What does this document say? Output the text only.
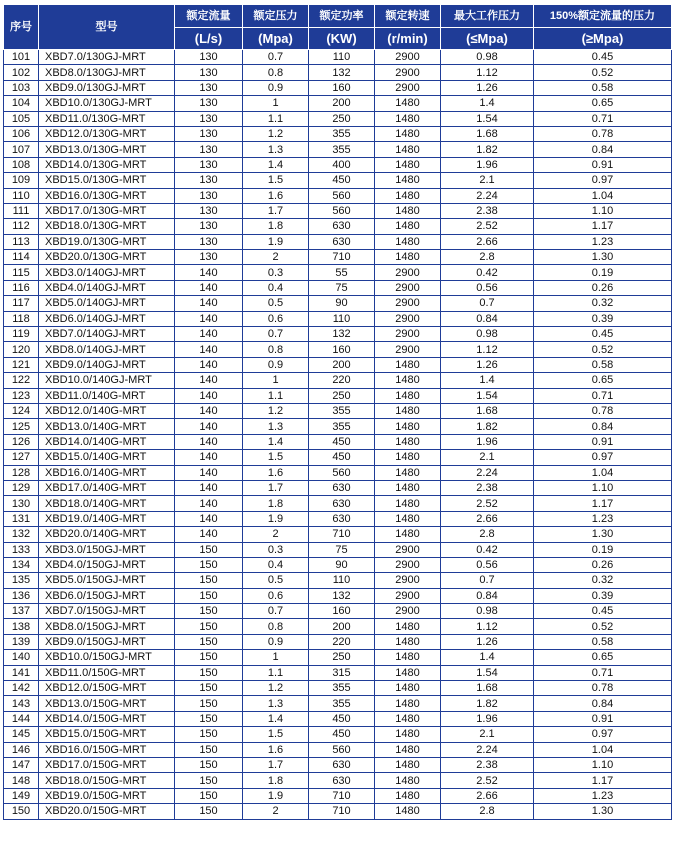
序号	型号	额定流量	额定压力	额定功率	额定转速	最大工作压力	150%额定流量的压力
		(L/s)	(Mpa)	(KW)	(r/min)	(≤Mpa)	(≥Mpa)
101	XBD7.0/130GJ-MRT	130	0.7	110	2900	0.98	0.45
102	XBD8.0/130GJ-MRT	130	0.8	132	2900	1.12	0.52
103	XBD9.0/130GJ-MRT	130	0.9	160	2900	1.26	0.58
104	XBD10.0/130GJ-MRT	130	1	200	1480	1.4	0.65
105	XBD11.0/130G-MRT	130	1.1	250	1480	1.54	0.71
106	XBD12.0/130G-MRT	130	1.2	355	1480	1.68	0.78
107	XBD13.0/130G-MRT	130	1.3	355	1480	1.82	0.84
108	XBD14.0/130G-MRT	130	1.4	400	1480	1.96	0.91
109	XBD15.0/130G-MRT	130	1.5	450	1480	2.1	0.97
110	XBD16.0/130G-MRT	130	1.6	560	1480	2.24	1.04
111	XBD17.0/130G-MRT	130	1.7	560	1480	2.38	1.10
112	XBD18.0/130G-MRT	130	1.8	630	1480	2.52	1.17
113	XBD19.0/130G-MRT	130	1.9	630	1480	2.66	1.23
114	XBD20.0/130G-MRT	130	2	710	1480	2.8	1.30
115	XBD3.0/140GJ-MRT	140	0.3	55	2900	0.42	0.19
116	XBD4.0/140GJ-MRT	140	0.4	75	2900	0.56	0.26
117	XBD5.0/140GJ-MRT	140	0.5	90	2900	0.7	0.32
118	XBD6.0/140GJ-MRT	140	0.6	110	2900	0.84	0.39
119	XBD7.0/140GJ-MRT	140	0.7	132	2900	0.98	0.45
120	XBD8.0/140GJ-MRT	140	0.8	160	2900	1.12	0.52
121	XBD9.0/140GJ-MRT	140	0.9	200	1480	1.26	0.58
122	XBD10.0/140GJ-MRT	140	1	220	1480	1.4	0.65
123	XBD11.0/140G-MRT	140	1.1	250	1480	1.54	0.71
124	XBD12.0/140G-MRT	140	1.2	355	1480	1.68	0.78
125	XBD13.0/140G-MRT	140	1.3	355	1480	1.82	0.84
126	XBD14.0/140G-MRT	140	1.4	450	1480	1.96	0.91
127	XBD15.0/140G-MRT	140	1.5	450	1480	2.1	0.97
128	XBD16.0/140G-MRT	140	1.6	560	1480	2.24	1.04
129	XBD17.0/140G-MRT	140	1.7	630	1480	2.38	1.10
130	XBD18.0/140G-MRT	140	1.8	630	1480	2.52	1.17
131	XBD19.0/140G-MRT	140	1.9	630	1480	2.66	1.23
132	XBD20.0/140G-MRT	140	2	710	1480	2.8	1.30
133	XBD3.0/150GJ-MRT	150	0.3	75	2900	0.42	0.19
134	XBD4.0/150GJ-MRT	150	0.4	90	2900	0.56	0.26
135	XBD5.0/150GJ-MRT	150	0.5	110	2900	0.7	0.32
136	XBD6.0/150GJ-MRT	150	0.6	132	2900	0.84	0.39
137	XBD7.0/150GJ-MRT	150	0.7	160	2900	0.98	0.45
138	XBD8.0/150GJ-MRT	150	0.8	200	1480	1.12	0.52
139	XBD9.0/150GJ-MRT	150	0.9	220	1480	1.26	0.58
140	XBD10.0/150GJ-MRT	150	1	250	1480	1.4	0.65
141	XBD11.0/150G-MRT	150	1.1	315	1480	1.54	0.71
142	XBD12.0/150G-MRT	150	1.2	355	1480	1.68	0.78
143	XBD13.0/150G-MRT	150	1.3	355	1480	1.82	0.84
144	XBD14.0/150G-MRT	150	1.4	450	1480	1.96	0.91
145	XBD15.0/150G-MRT	150	1.5	450	1480	2.1	0.97
146	XBD16.0/150G-MRT	150	1.6	560	1480	2.24	1.04
147	XBD17.0/150G-MRT	150	1.7	630	1480	2.38	1.10
148	XBD18.0/150G-MRT	150	1.8	630	1480	2.52	1.17
149	XBD19.0/150G-MRT	150	1.9	710	1480	2.66	1.23
150	XBD20.0/150G-MRT	150	2	710	1480	2.8	1.30
